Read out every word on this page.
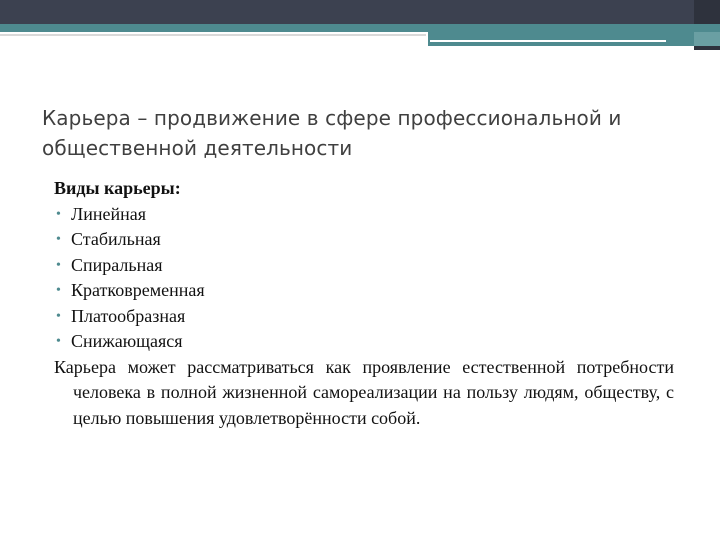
Карьера – продвижение в сфере профессиональной и общественной деятельности
Виды карьеры:
• Линейная
• Стабильная
• Спиральная
• Кратковременная
• Платообразная
• Снижающаяся
Карьера может рассматриваться как проявление естественной потребности человека в полной жизненной самореализации на пользу людям, обществу, с целью повышения удовлетворённости собой.
